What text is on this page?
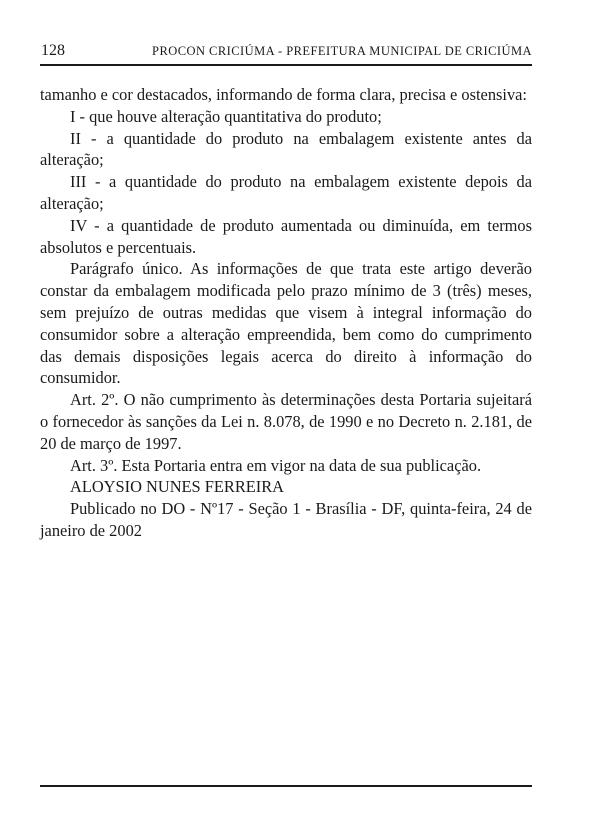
128	PROCON CRICIÚMA - PREFEITURA MUNICIPAL DE CRICIÚMA

tamanho e cor destacados, informando de forma clara, precisa e ostensiva:

I - que houve alteração quantitativa do produto;

II - a quantidade do produto na embalagem existente antes da alteração;

III - a quantidade do produto na embalagem existente depois da alteração;

IV - a quantidade de produto aumentada ou diminuída, em termos absolutos e percentuais.

Parágrafo único. As informações de que trata este artigo deverão constar da embalagem modificada pelo prazo mínimo de 3 (três) meses, sem prejuízo de outras medidas que visem à integral informação do consumidor sobre a alteração empreendida, bem como do cumprimento das demais disposições legais acerca do direito à informação do consumidor.

Art. 2º. O não cumprimento às determinações desta Portaria sujeitará o fornecedor às sanções da Lei n. 8.078, de 1990 e no Decreto n. 2.181, de 20 de março de 1997.

Art. 3º. Esta Portaria entra em vigor na data de sua publicação.

ALOYSIO NUNES FERREIRA

Publicado no DO - Nº17 - Seção 1 - Brasília - DF, quinta-feira, 24 de janeiro de 2002
